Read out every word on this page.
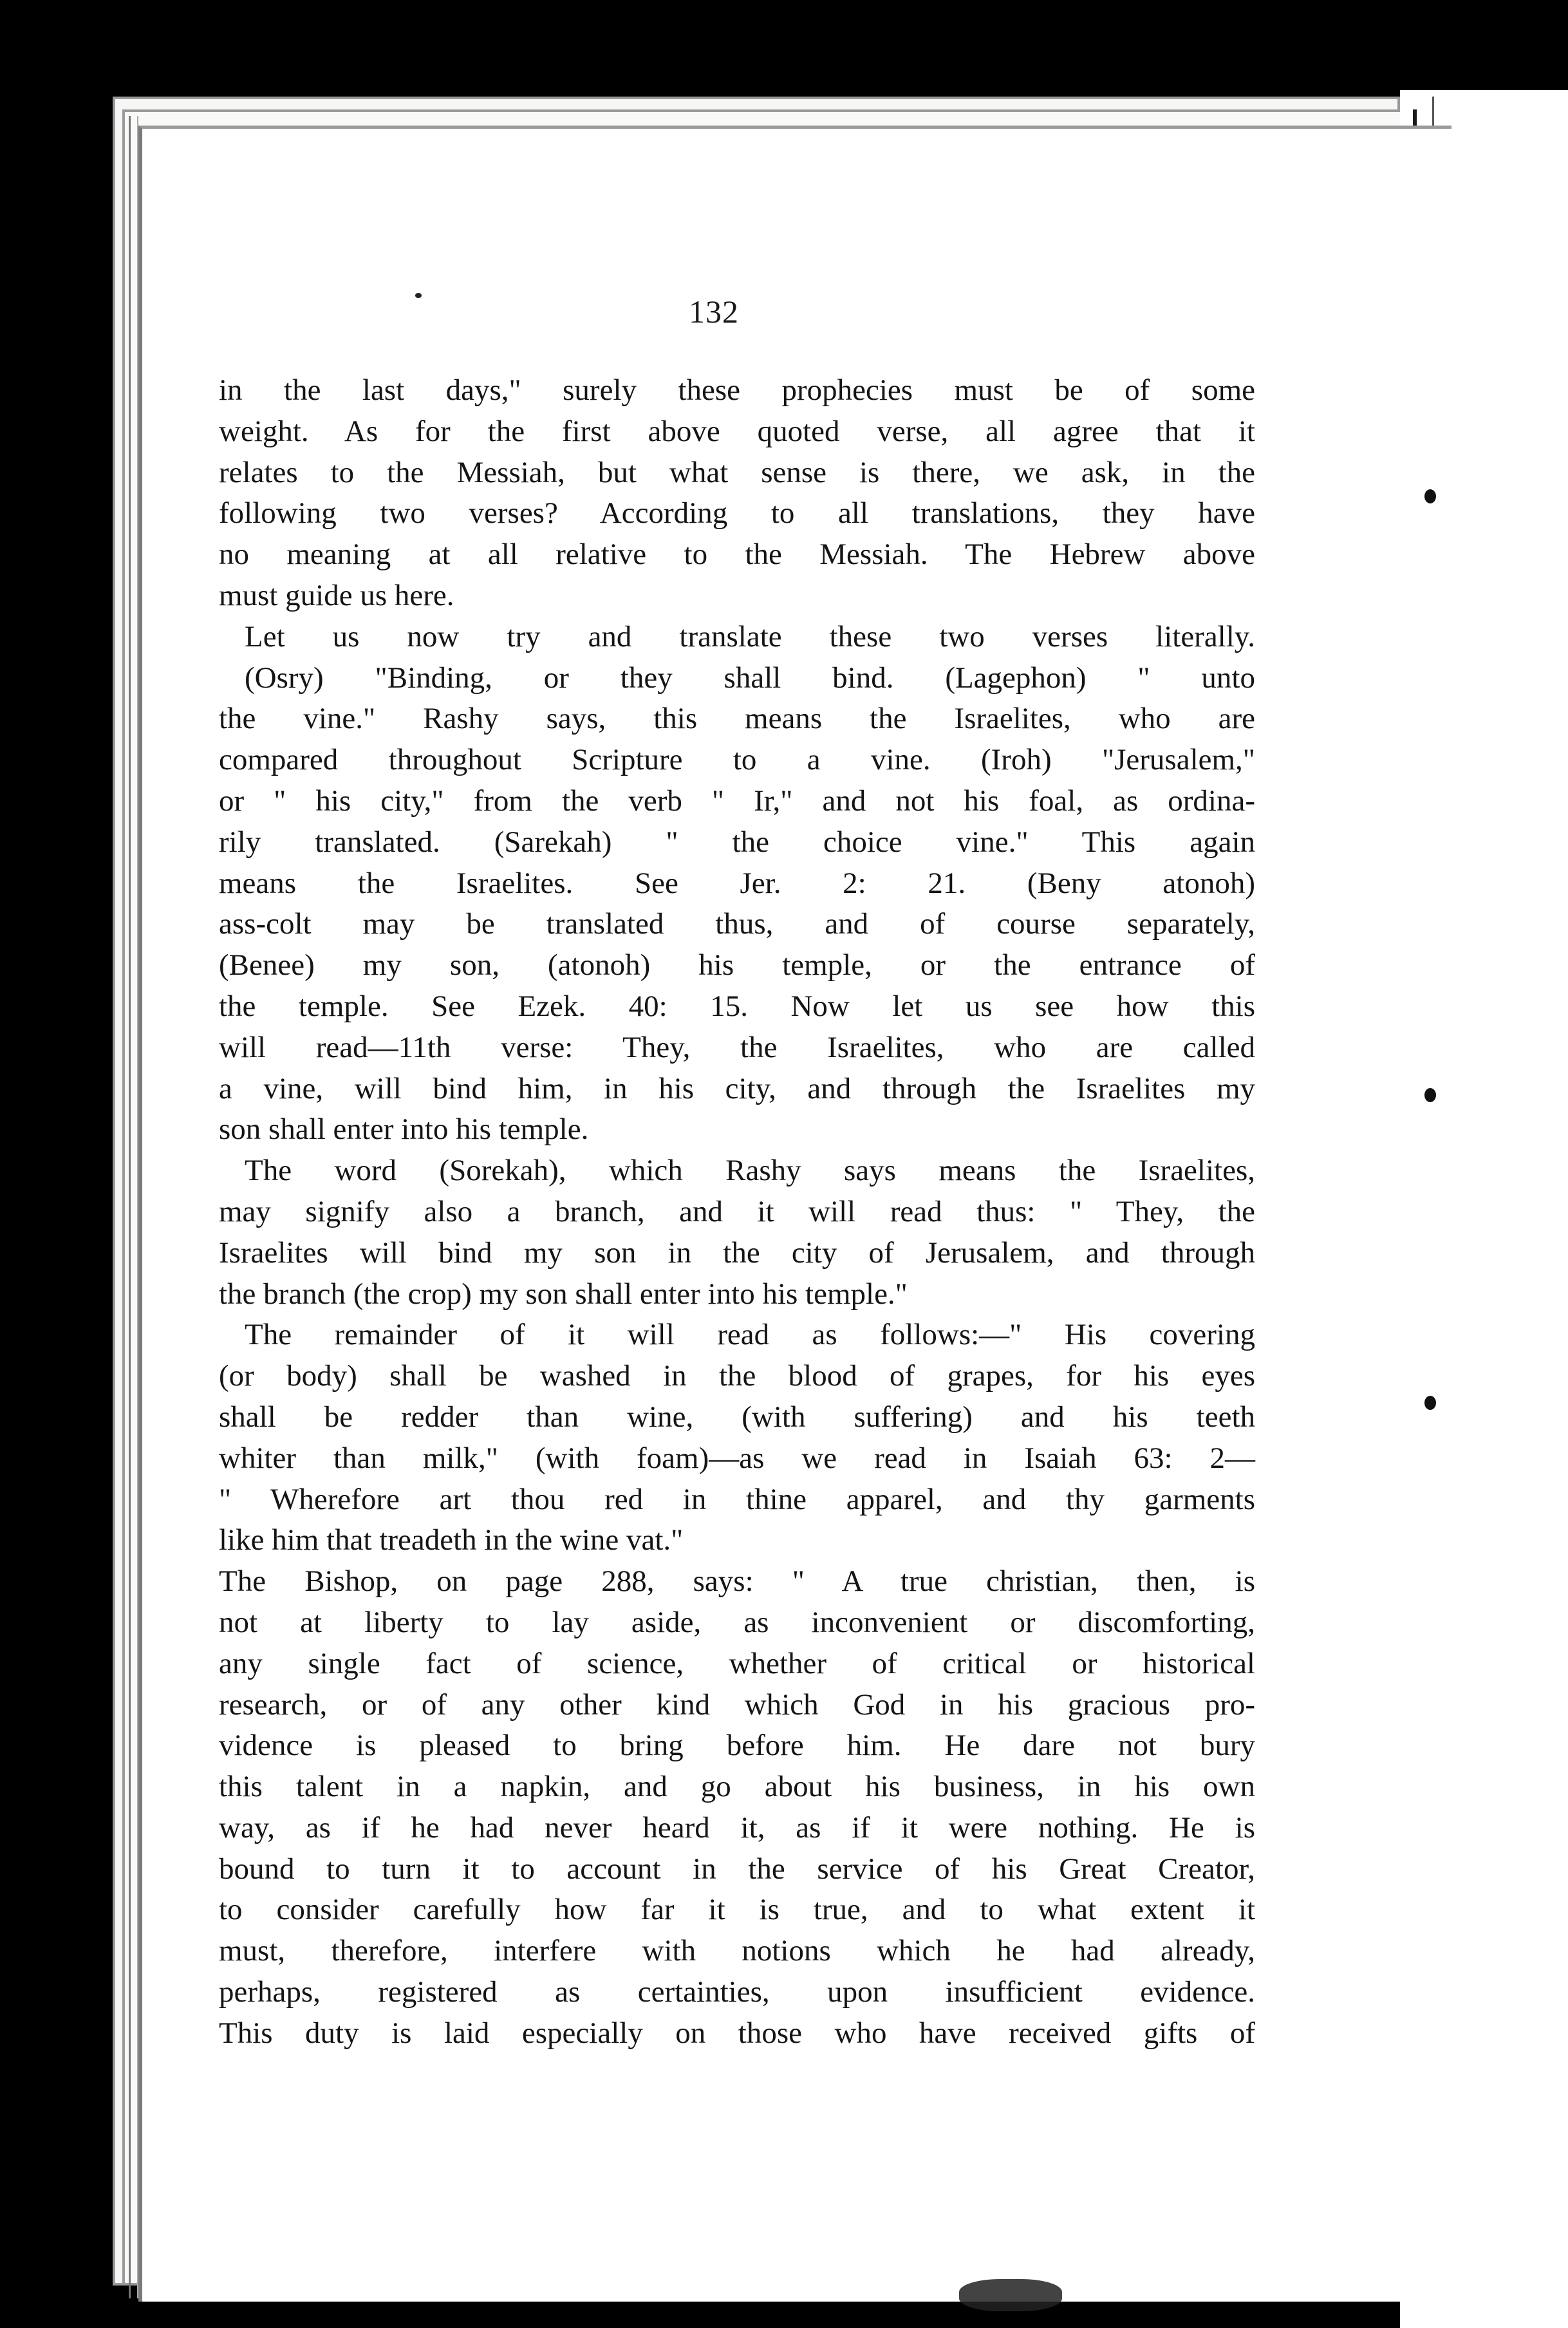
132

in the last days," surely these prophecies must be of some

weight. As for the first above quoted verse, all agree that it

relates to the Messiah, but what sense is there, we ask, in the

following two verses? According to all translations, they have

no meaning at all relative to the Messiah. The Hebrew above

must guide us here.

Let us now try and translate these two verses literally.

(Osry) "Binding, or they shall bind. (Lagephon) " unto

the vine." Rashy says, this means the Israelites, who are

compared throughout Scripture to a vine. (Iroh) "Jerusalem,"

or " his city," from the verb " Ir," and not his foal, as ordina-

rily translated. (Sarekah) " the choice vine." This again

means the Israelites. See Jer. 2: 21. (Beny atonoh)

ass-colt may be translated thus, and of course separately,

(Benee) my son, (atonoh) his temple, or the entrance of

the temple. See Ezek. 40: 15. Now let us see how this

will read—11th verse: They, the Israelites, who are called

a vine, will bind him, in his city, and through the Israelites my

son shall enter into his temple.

The word (Sorekah), which Rashy says means the Israelites,

may signify also a branch, and it will read thus: " They, the

Israelites will bind my son in the city of Jerusalem, and through

the branch (the crop) my son shall enter into his temple."

The remainder of it will read as follows:—" His covering

(or body) shall be washed in the blood of grapes, for his eyes

shall be redder than wine, (with suffering) and his teeth

whiter than milk," (with foam)—as we read in Isaiah 63: 2—

" Wherefore art thou red in thine apparel, and thy garments

like him that treadeth in the wine vat."

The Bishop, on page 288, says: " A true christian, then, is

not at liberty to lay aside, as inconvenient or discomforting,

any single fact of science, whether of critical or historical

research, or of any other kind which God in his gracious pro-

vidence is pleased to bring before him. He dare not bury

this talent in a napkin, and go about his business, in his own

way, as if he had never heard it, as if it were nothing. He is

bound to turn it to account in the service of his Great Creator,

to consider carefully how far it is true, and to what extent it

must, therefore, interfere with notions which he had already,

perhaps, registered as certainties, upon insufficient evidence.

This duty is laid especially on those who have received gifts of
